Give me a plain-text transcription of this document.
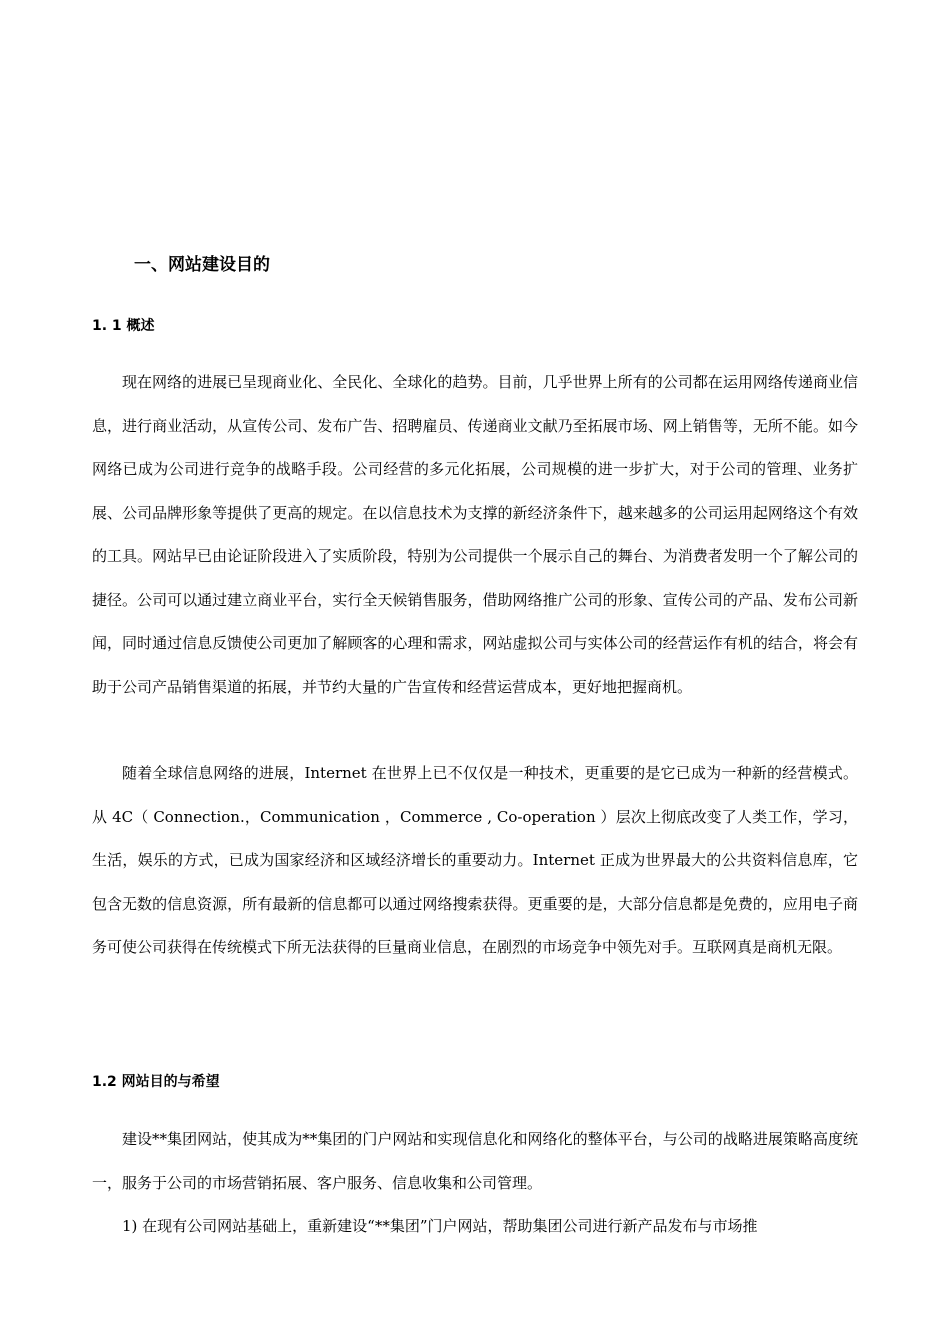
一、网站建设目的
1. 1 概述

现在网络的进展已呈现商业化、全民化、全球化的趋势。目前，几乎世界上所有的公司都在运用网络传递商业信息，进行商业活动，从宣传公司、发布广告、招聘雇员、传递商业文献乃至拓展市场、网上销售等，无所不能。如今网络已成为公司进行竞争的战略手段。公司经营的多元化拓展，公司规模的进一步扩大，对于公司的管理、业务扩展、公司品牌形象等提供了更高的规定。在以信息技术为支撑的新经济条件下，越来越多的公司运用起网络这个有效的工具。网站早已由论证阶段进入了实质阶段，特别为公司提供一个展示自己的舞台、为消费者发明一个了解公司的捷径。公司可以通过建立商业平台，实行全天候销售服务，借助网络推广公司的形象、宣传公司的产品、发布公司新闻，同时通过信息反馈使公司更加了解顾客的心理和需求，网站虚拟公司与实体公司的经营运作有机的结合，将会有助于公司产品销售渠道的拓展，并节约大量的广告宣传和经营运营成本，更好地把握商机。

随着全球信息网络的进展，Internet 在世界上已不仅仅是一种技术，更重要的是它已成为一种新的经营模式。从 4C（ Connection.，Communication ，Commerce , Co-operation ）层次上彻底改变了人类工作，学习，生活，娱乐的方式，已成为国家经济和区域经济增长的重要动力。Internet 正成为世界最大的公共资料信息库，它包含无数的信息资源，所有最新的信息都可以通过网络搜索获得。更重要的是，大部分信息都是免费的，应用电子商务可使公司获得在传统模式下所无法获得的巨量商业信息，在剧烈的市场竞争中领先对手。互联网真是商机无限。

1.2 网站目的与希望

建设**集团网站，使其成为**集团的门户网站和实现信息化和网络化的整体平台，与公司的战略进展策略高度统一，服务于公司的市场营销拓展、客户服务、信息收集和公司管理。

1) 在现有公司网站基础上，重新建设“**集团”门户网站，帮助集团公司进行新产品发布与市场推
